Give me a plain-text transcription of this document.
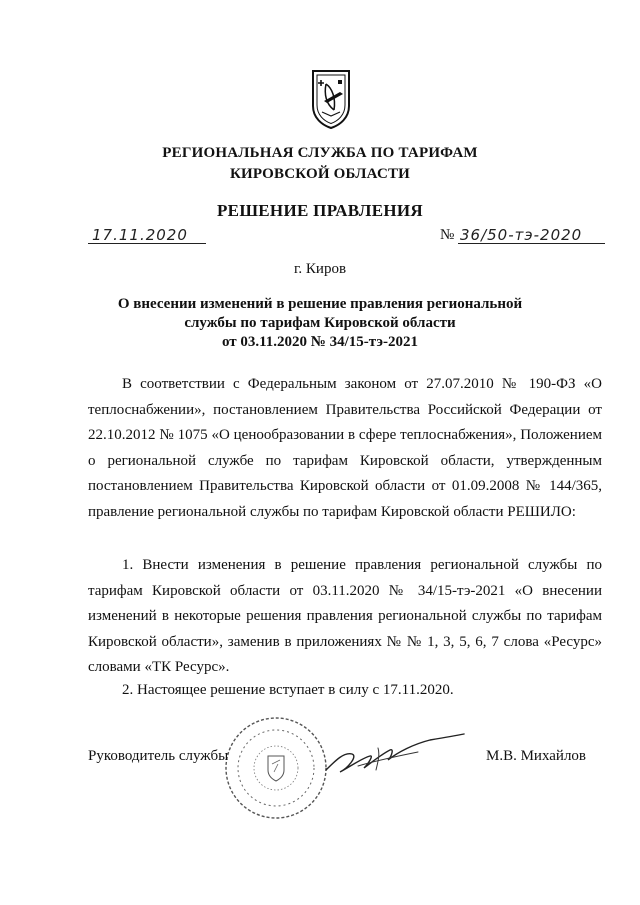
РЕГИОНАЛЬНАЯ СЛУЖБА ПО ТАРИФАМ
КИРОВСКОЙ ОБЛАСТИ
РЕШЕНИЕ ПРАВЛЕНИЯ
17.11.2020	№ 36/50-тэ-2020
г. Киров
О внесении изменений в решение правления региональной
службы по тарифам Кировской области
от 03.11.2020 № 34/15-тэ-2021
В соответствии с Федеральным законом от 27.07.2010 № 190-ФЗ «О теплоснабжении», постановлением Правительства Российской Федерации от 22.10.2012 № 1075 «О ценообразовании в сфере теплоснабжения», Положением о региональной службе по тарифам Кировской области, утвержденным постановлением Правительства Кировской области от 01.09.2008 № 144/365, правление региональной службы по тарифам Кировской области РЕШИЛО:
1. Внести изменения в решение правления региональной службы по тарифам Кировской области от 03.11.2020 № 34/15-тэ-2021 «О внесении изменений в некоторые решения правления региональной службы по тарифам Кировской области», заменив в приложениях № № 1, 3, 5, 6, 7 слова «Ресурс» словами «ТК Ресурс».
2. Настоящее решение вступает в силу с 17.11.2020.
Руководитель службы	М.В. Михайлов
